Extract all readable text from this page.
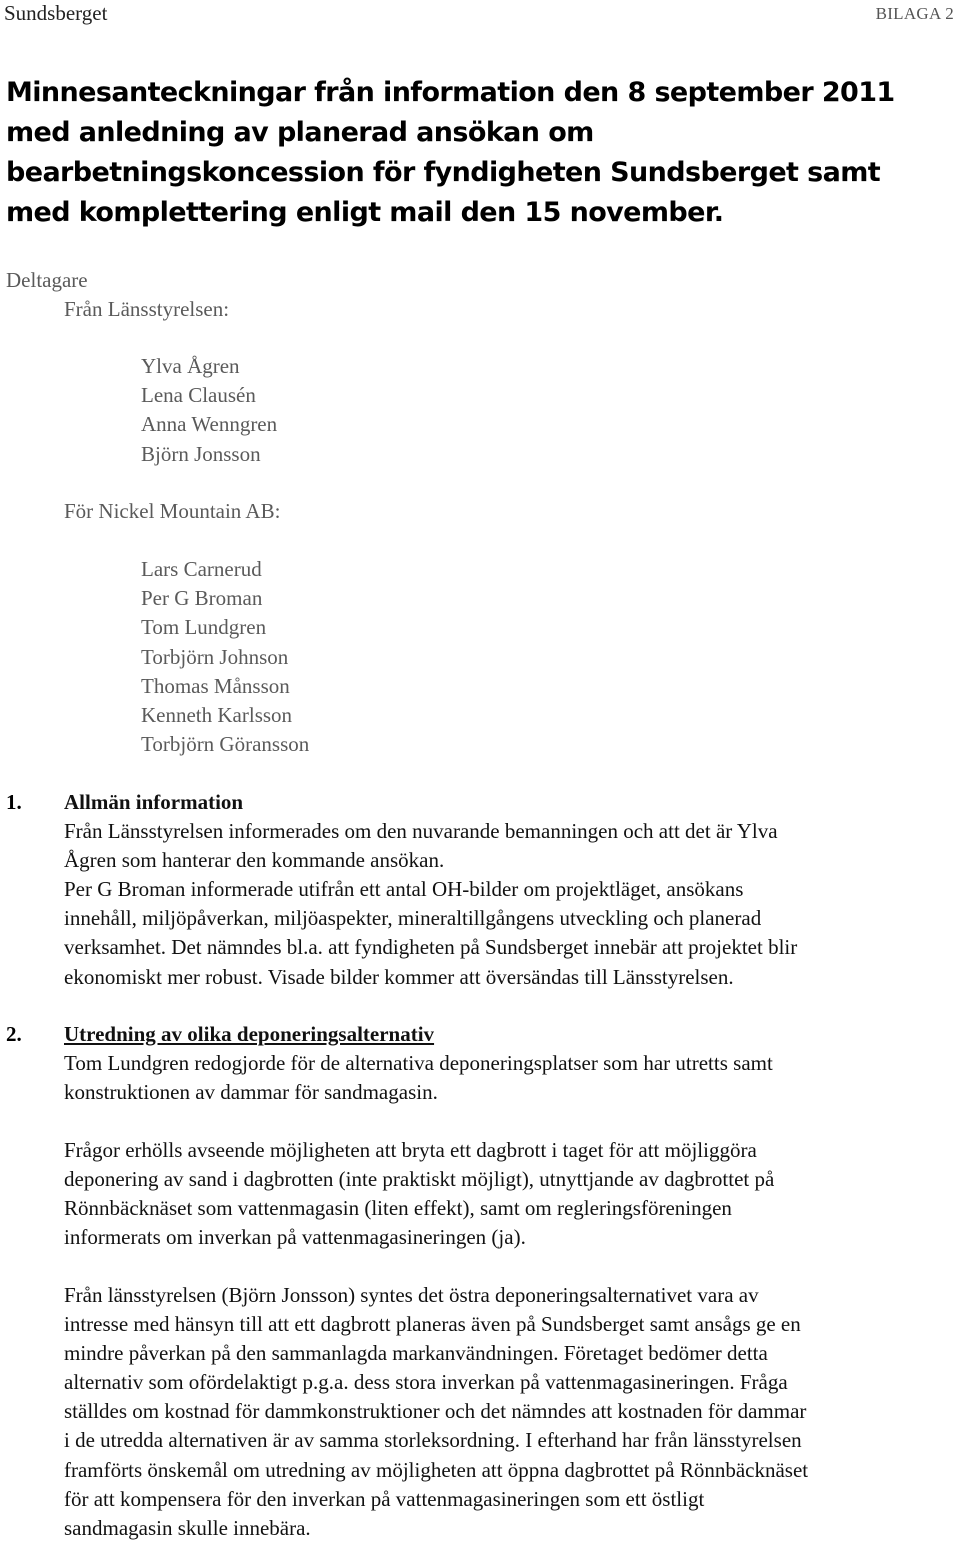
Sundsberget	BILAGA 2
Minnesanteckningar från information den 8 september 2011
med anledning av planerad ansökan om
bearbetningskoncession för fyndigheten Sundsberget samt
med komplettering enligt mail den 15 november.
Deltagare
Från Länsstyrelsen:
Ylva Ågren
Lena Clausén
Anna Wenngren
Björn Jonsson
För Nickel Mountain AB:
Lars Carnerud
Per G Broman
Tom Lundgren
Torbjörn Johnson
Thomas Månsson
Kenneth Karlsson
Torbjörn Göransson
1. Allmän information
Från Länsstyrelsen informerades om den nuvarande bemanningen och att det är Ylva
Ågren som hanterar den kommande ansökan.
Per G Broman informerade utifrån ett antal OH-bilder om projektläget, ansökans
innehåll, miljöpåverkan, miljöaspekter, mineraltillgångens utveckling och planerad
verksamhet. Det nämndes bl.a. att fyndigheten på Sundsberget innebär att projektet blir
ekonomiskt mer robust. Visade bilder kommer att översändas till Länsstyrelsen.
2. Utredning av olika deponeringsalternativ
Tom Lundgren redogjorde för de alternativa deponeringsplatser som har utretts samt
konstruktionen av dammar för sandmagasin.
Frågor erhölls avseende möjligheten att bryta ett dagbrott i taget för att möjliggöra
deponering av sand i dagbrotten (inte praktiskt möjligt), utnyttjande av dagbrottet på
Rönnbäcknäset som vattenmagasin (liten effekt), samt om regleringsföreningen
informerats om inverkan på vattenmagasineringen (ja).
Från länsstyrelsen (Björn Jonsson) syntes det östra deponeringsalternativet vara av
intresse med hänsyn till att ett dagbrott planeras även på Sundsberget samt ansågs ge en
mindre påverkan på den sammanlagda markanvändningen. Företaget bedömer detta
alternativ som ofördelaktigt p.g.a. dess stora inverkan på vattenmagasineringen. Fråga
ställdes om kostnad för dammkonstruktioner och det nämndes att kostnaden för dammar
i de utredda alternativen är av samma storleksordning. I efterhand har från länsstyrelsen
framförts önskemål om utredning av möjligheten att öppna dagbrottet på Rönnbäcknäset
för att kompensera för den inverkan på vattenmagasineringen som ett östligt
sandmagasin skulle innebära.
